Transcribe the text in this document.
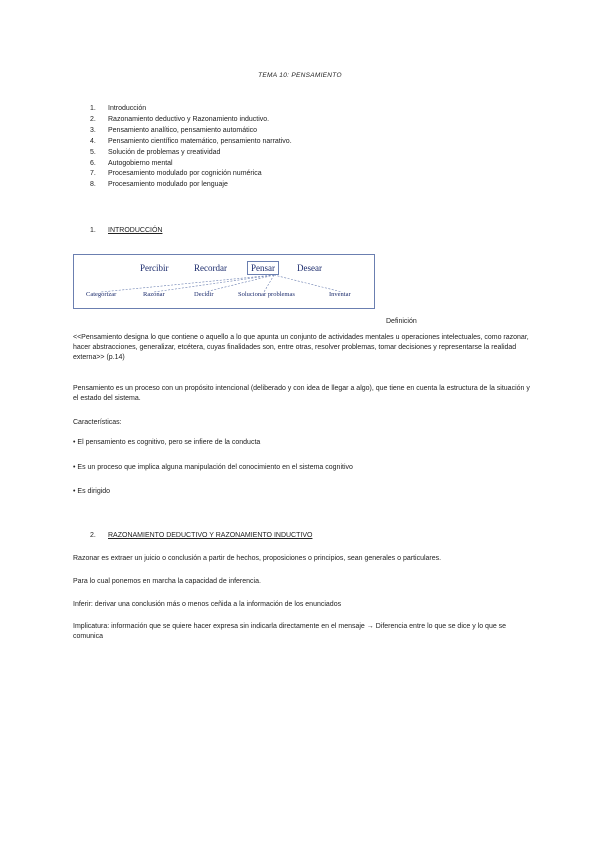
TEMA 10: PENSAMIENTO
1.	Introducción
2.	Razonamiento deductivo y Razonamiento inductivo.
3.	Pensamiento analítico, pensamiento automático
4.	Pensamiento científico matemático, pensamiento narrativo.
5.	Solución de problemas y creatividad
6.	Autogobierno mental
7.	Procesamiento modulado por cognición numérica
8.	Procesamiento modulado por lenguaje
1. INTRODUCCIÓN
Percibir	Recordar	Pensar	Desear
Categorizar	Razonar	Decidir	Solucionar problemas	Inventar
Definición
<<Pensamiento designa lo que contiene o aquello a lo que apunta un conjunto de actividades mentales u operaciones intelectuales, como razonar, hacer abstracciones, generalizar, etcétera, cuyas finalidades son, entre otras, resolver problemas, tomar decisiones y representarse la realidad externa>> (p.14)
Pensamiento es un proceso con un propósito intencional (deliberado y con idea de llegar a algo), que tiene en cuenta la estructura de la situación y el estado del sistema.
Características:
• El pensamiento es cognitivo, pero se infiere de la conducta
• Es un proceso que implica alguna manipulación del conocimiento en el sistema cognitivo
• Es dirigido
2. RAZONAMIENTO DEDUCTIVO Y RAZONAMIENTO INDUCTIVO
Razonar es extraer un juicio o conclusión a partir de hechos, proposiciones o principios, sean generales o particulares.
Para lo cual ponemos en marcha la capacidad de inferencia.
Inferir: derivar una conclusión más o menos ceñida a la información de los enunciados
Implicatura: información que se quiere hacer expresa sin indicarla directamente en el mensaje → Diferencia entre lo que se dice y lo que se comunica
